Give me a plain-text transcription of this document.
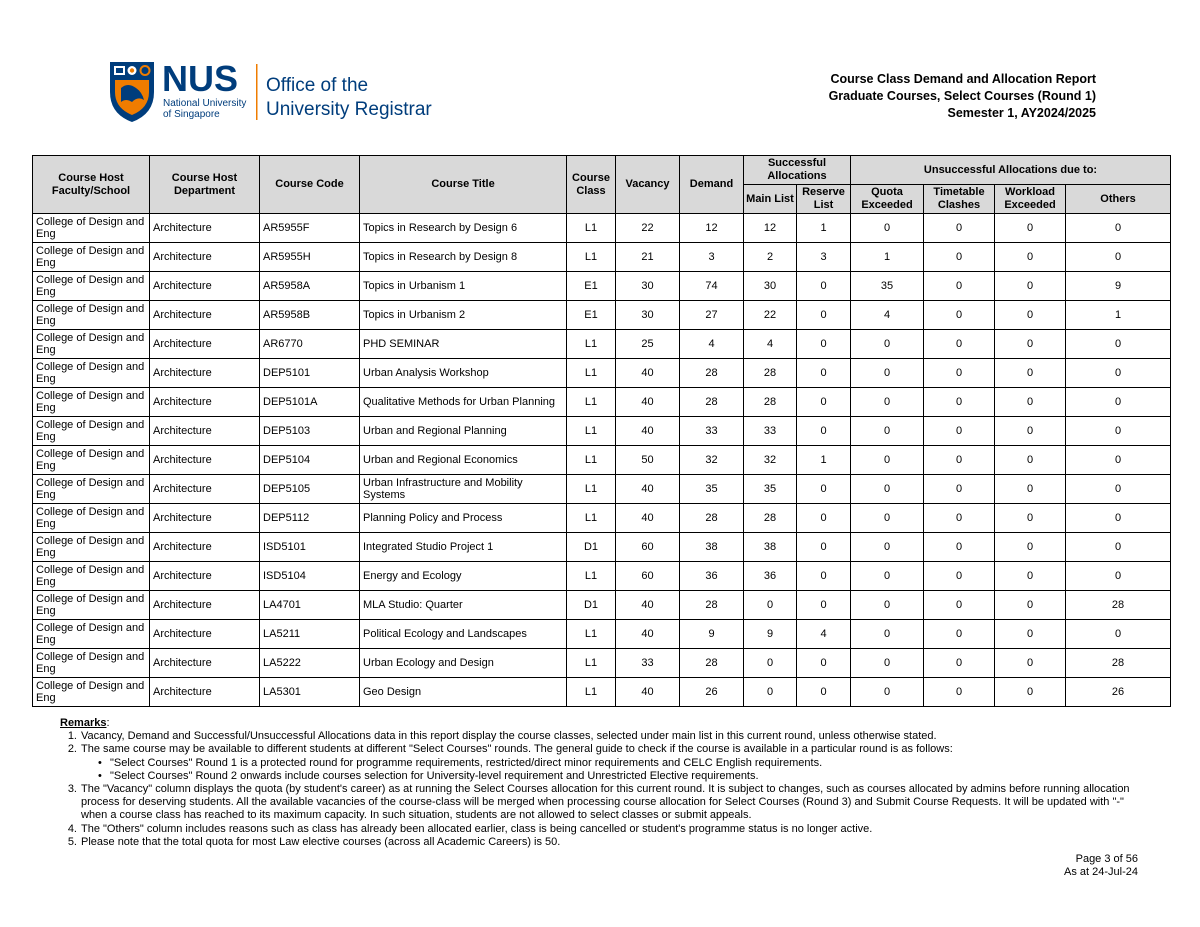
NUS
National University
of Singapore
Office of the
University Registrar
Course Class Demand and Allocation Report
Graduate Courses, Select Courses (Round 1)
Semester 1, AY2024/2025
Course Host Faculty/School	Course Host Department	Course Code	Course Title	Course Class	Vacancy	Demand	Successful Allocations		Unsuccessful Allocations due to:			
							Main List	Reserve List	Quota Exceeded	Timetable Clashes	Workload Exceeded	Others
College of Design and Eng	Architecture	AR5955F	Topics in Research by Design 6	L1	22	12	12	1	0	0	0	0
College of Design and Eng	Architecture	AR5955H	Topics in Research by Design 8	L1	21	3	2	3	1	0	0	0
College of Design and Eng	Architecture	AR5958A	Topics in Urbanism 1	E1	30	74	30	0	35	0	0	9
College of Design and Eng	Architecture	AR5958B	Topics in Urbanism 2	E1	30	27	22	0	4	0	0	1
College of Design and Eng	Architecture	AR6770	PHD SEMINAR	L1	25	4	4	0	0	0	0	0
College of Design and Eng	Architecture	DEP5101	Urban Analysis Workshop	L1	40	28	28	0	0	0	0	0
College of Design and Eng	Architecture	DEP5101A	Qualitative Methods for Urban Planning	L1	40	28	28	0	0	0	0	0
College of Design and Eng	Architecture	DEP5103	Urban and Regional Planning	L1	40	33	33	0	0	0	0	0
College of Design and Eng	Architecture	DEP5104	Urban and Regional Economics	L1	50	32	32	1	0	0	0	0
College of Design and Eng	Architecture	DEP5105	Urban Infrastructure and Mobility Systems	L1	40	35	35	0	0	0	0	0
College of Design and Eng	Architecture	DEP5112	Planning Policy and Process	L1	40	28	28	0	0	0	0	0
College of Design and Eng	Architecture	ISD5101	Integrated Studio Project 1	D1	60	38	38	0	0	0	0	0
College of Design and Eng	Architecture	ISD5104	Energy and Ecology	L1	60	36	36	0	0	0	0	0
College of Design and Eng	Architecture	LA4701	MLA Studio: Quarter	D1	40	28	0	0	0	0	0	28
College of Design and Eng	Architecture	LA5211	Political Ecology and Landscapes	L1	40	9	9	4	0	0	0	0
College of Design and Eng	Architecture	LA5222	Urban Ecology and Design	L1	33	28	0	0	0	0	0	28
College of Design and Eng	Architecture	LA5301	Geo Design	L1	40	26	0	0	0	0	0	26
Remarks:
1. Vacancy, Demand and Successful/Unsuccessful Allocations data in this report display the course classes, selected under main list in this current round, unless otherwise stated.
2. The same course may be available to different students at different "Select Courses" rounds. The general guide to check if the course is available in a particular round is as follows:
• "Select Courses" Round 1 is a protected round for programme requirements, restricted/direct minor requirements and CELC English requirements.
• "Select Courses" Round 2 onwards include courses selection for University-level requirement and Unrestricted Elective requirements.
3. The "Vacancy" column displays the quota (by student's career) as at running the Select Courses allocation for this current round. It is subject to changes, such as courses allocated by admins before running allocation process for deserving students. All the available vacancies of the course-class will be merged when processing course allocation for Select Courses (Round 3) and Submit Course Requests. It will be updated with "-" when a course class has reached to its maximum capacity. In such situation, students are not allowed to select classes or submit appeals.
4. The "Others" column includes reasons such as class has already been allocated earlier, class is being cancelled or student's programme status is no longer active.
5. Please note that the total quota for most Law elective courses (across all Academic Careers) is 50.
Page 3 of 56
As at 24-Jul-24
